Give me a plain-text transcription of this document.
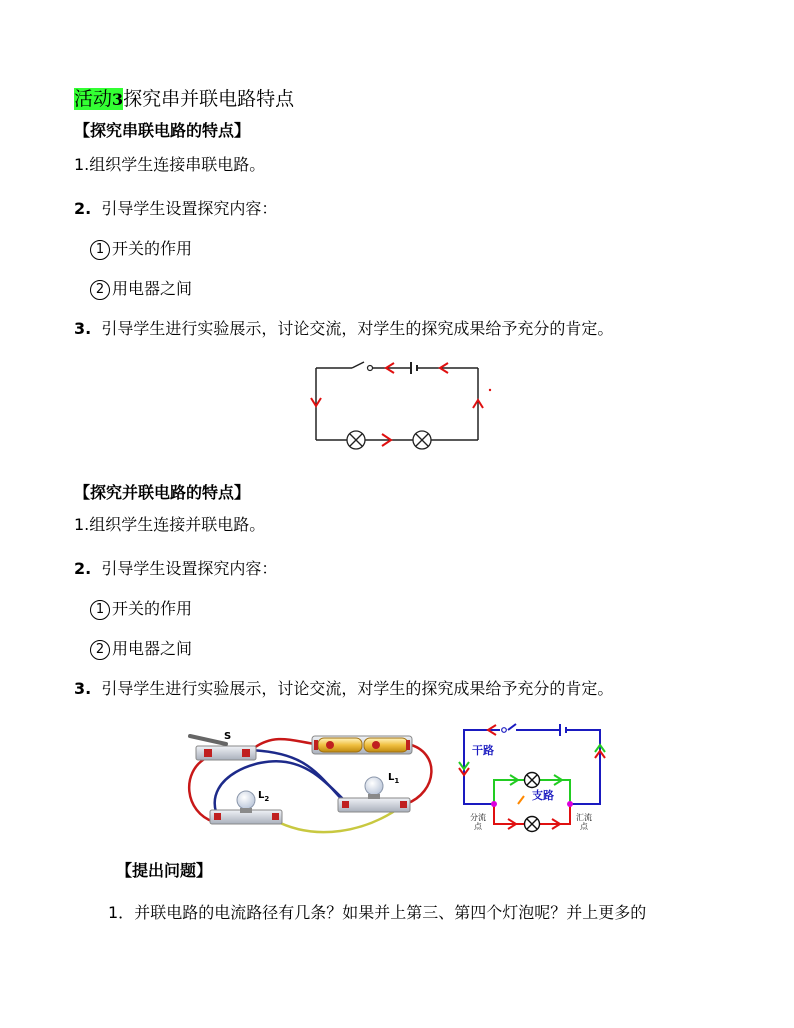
活动3探究串并联电路特点
【探究串联电路的特点】
1.组织学生连接串联电路。
2. 引导学生设置探究内容：
1 开关的作用
2 用电器之间
3. 引导学生进行实验展示，讨论交流，对学生的探究成果给予充分的肯定。
【探究并联电路的特点】
1.组织学生连接并联电路。
2. 引导学生设置探究内容：
1 开关的作用
2 用电器之间
3. 引导学生进行实验展示，讨论交流，对学生的探究成果给予充分的肯定。
S
$L_2$
$L_1$
干路
支路
分流
点
汇流
点
【提出问题】
1．并联电路的电流路径有几条？如果并上第三、第四个灯泡呢？并上更多的
